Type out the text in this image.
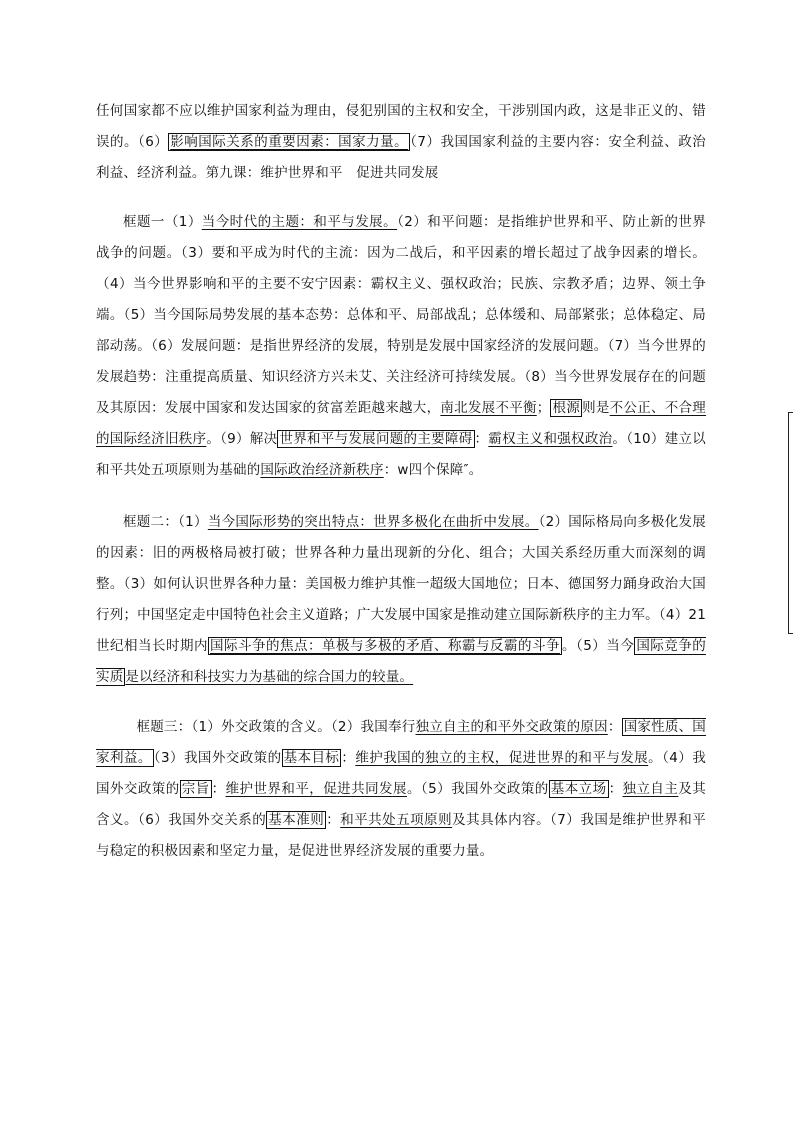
任何国家都不应以维护国家利益为理由，侵犯别国的主权和安全，干涉别国内政，这是非正义的、错误的。（6） 影响国际关系的重要因素：国家力量。 （7）我国国家利益的主要内容：安全利益、政治利益、经济利益。第九课：维护世界和平　促进共同发展

框题一（1）当今时代的主题：和平与发展。（2）和平问题：是指维护世界和平、防止新的世界战争的问题。（3）要和平成为时代的主流：因为二战后，和平因素的增长超过了战争因素的增长。（4）当今世界影响和平的主要不安宁因素：霸权主义、强权政治；民族、宗教矛盾；边界、领土争端。（5）当今国际局势发展的基本态势：总体和平、局部战乱；总体缓和、局部紧张；总体稳定、局部动荡。（6）发展问题：是指世界经济的发展，特别是发展中国家经济的发展问题。（7）当今世界的发展趋势：注重提高质量、知识经济方兴未艾、关注经济可持续发展。（8）当今世界发展存在的问题及其原因：发展中国家和发达国家的贫富差距越来越大，南北发展不平衡； 根源 则是不公正、不合理的国际经济旧秩序。（9）解决 世界和平与发展问题的主要障碍 ：霸权主义和强权政治。（10）建立以和平共处五项原则为基础的国际政治经济新秩序：w四个保障″。

框题二：（1）当今国际形势的突出特点：世界多极化在曲折中发展。（2）国际格局向多极化发展的因素：旧的两极格局被打破；世界各种力量出现新的分化、组合；大国关系经历重大而深刻的调整。（3）如何认识世界各种力量：美国极力维护其惟一超级大国地位；日本、德国努力踊身政治大国行列；中国坚定走中国特色社会主义道路；广大发展中国家是推动建立国际新秩序的主力军。（4）21世纪相当长时期内 国际斗争的焦点：单极与多极的矛盾、称霸与反霸的斗争 。（5）当今 国际竞争的实质 是以经济和科技实力为基础的综合国力的较量。

框题三：（1）外交政策的含义。（2）我国奉行独立自主的和平外交政策的原因： 国家性质、国家利益。 （3）我国外交政策的 基本目标 ：维护我国的独立的主权，促进世界的和平与发展。（4）我国外交政策的 宗旨 ：维护世界和平，促进共同发展。（5）我国外交政策的 基本立场 ：独立自主及其含义。（6）我国外交关系的 基本准则 ：和平共处五项原则及其具体内容。（7）我国是维护世界和平与稳定的积极因素和坚定力量，是促进世界经济发展的重要力量。
